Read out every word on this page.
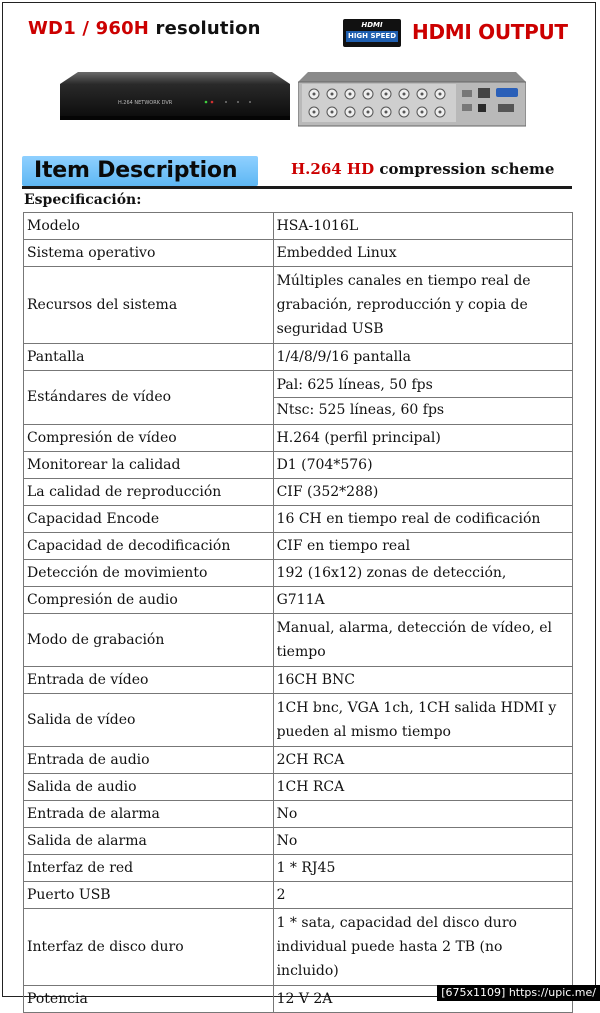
WD1 / 960H resolution	HDMI
HIGH SPEED HDMI OUTPUT
H.264 NETWORK DVR
Item Description	H.264 HD compression scheme
Especificación:
Modelo	HSA-1016L
Sistema operativo	Embedded Linux
Recursos del sistema	Múltiples canales en tiempo real de
grabación, reproducción y copia de
seguridad USB

Pantalla	1/4/8/9/16 pantalla
Estándares de vídeo	Pal: 625 líneas, 50 fps
Ntsc: 525 líneas, 60 fps

Compresión de vídeo	H.264 (perfil principal)
Monitorear la calidad	D1 (704*576)
La calidad de reproducción	CIF (352*288)
Capacidad Encode	16 CH en tiempo real de codificación
Capacidad de decodificación	CIF en tiempo real
Detección de movimiento	192 (16x12) zonas de detección,
Compresión de audio	G711A
Modo de grabación	Manual, alarma, detección de vídeo, el
tiempo

Entrada de vídeo	16CH BNC
Salida de vídeo	1CH bnc, VGA 1ch, 1CH salida HDMI y
pueden al mismo tiempo

Entrada de audio	2CH RCA
Salida de audio	1CH RCA
Entrada de alarma	No
Salida de alarma	No
Interfaz de red	1 * RJ45
Puerto USB	2
Interfaz de disco duro	1 * sata, capacidad del disco duro
individual puede hasta 2 TB (no incluido)

Potencia	12 V 2A	[675x1109] https://upic.me/
